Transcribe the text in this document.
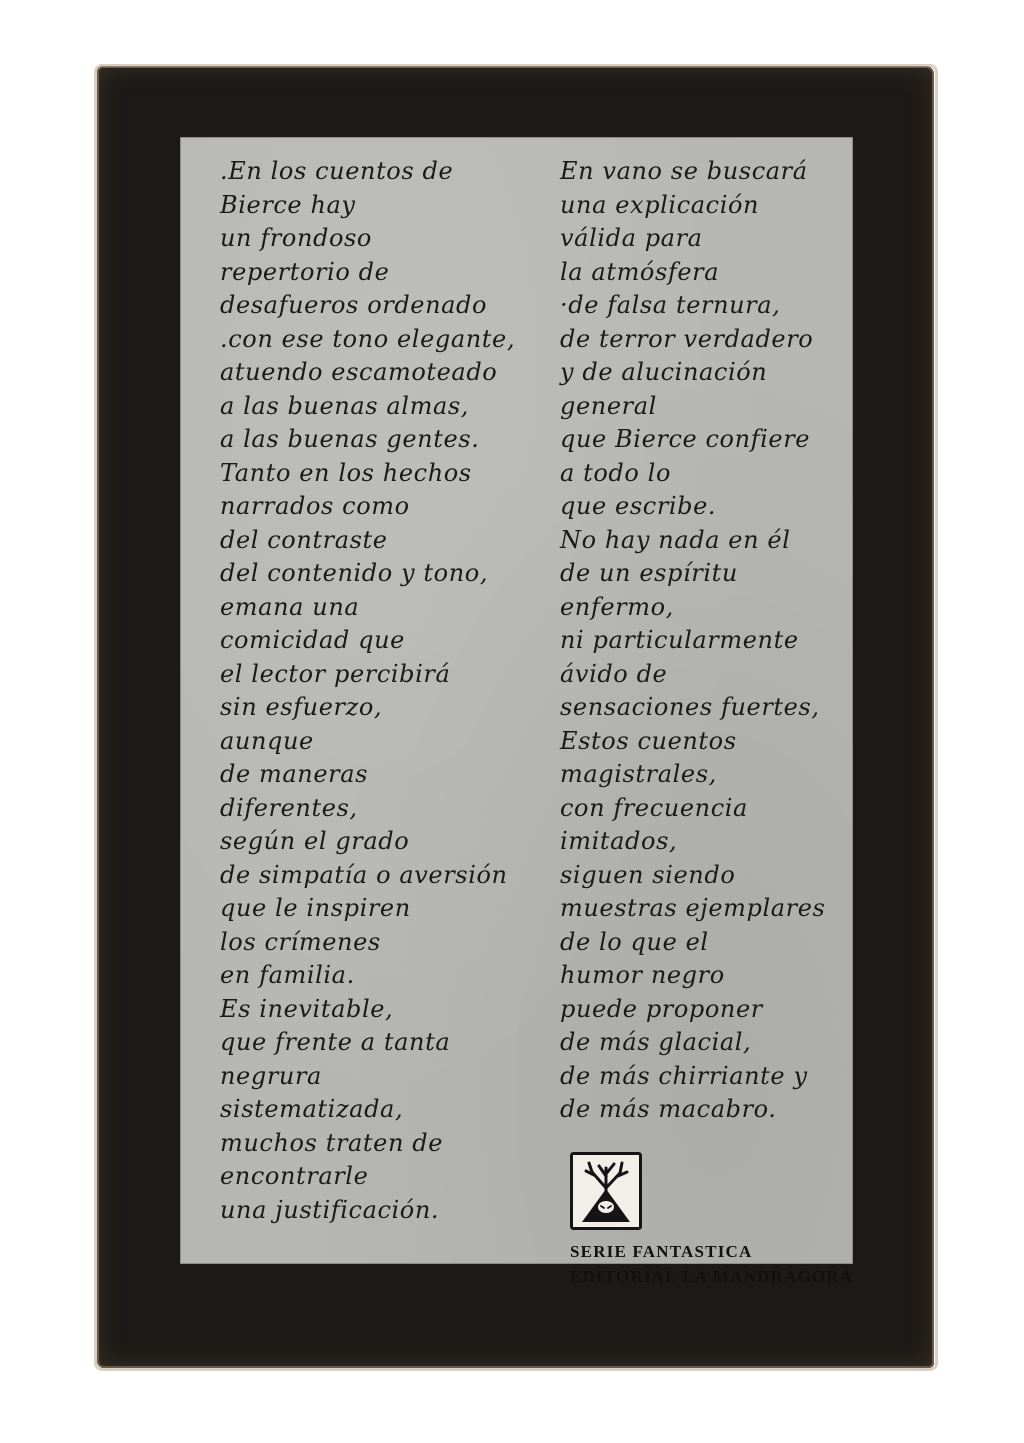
.En los cuentos de
Bierce hay
un frondoso
repertorio de
desafueros ordenado
.con ese tono elegante,
atuendo escamoteado
a las buenas almas,
a las buenas gentes.
Tanto en los hechos
narrados como
del contraste
del contenido y tono,
emana una
comicidad que
el lector percibirá
sin esfuerzo,
aunque
de maneras
diferentes,
según el grado
de simpatía o aversión
que le inspiren
los crímenes
en familia.
Es inevitable,
que frente a tanta
negrura
sistematizada,
muchos traten de
encontrarle
una justificación.
En vano se buscará
una explicación
válida para
la atmósfera
·de falsa ternura,
de terror verdadero
y de alucinación
general
que Bierce confiere
a todo lo
que escribe.
No hay nada en él
de un espíritu
enfermo,
ni particularmente
ávido de
sensaciones fuertes,
Estos cuentos
magistrales,
con frecuencia
imitados,
siguen siendo
muestras ejemplares
de lo que el
humor negro
puede proponer
de más glacial,
de más chirriante y
de más macabro.
SERIE FANTASTICA
EDITORIAL LA MANDRAGORA
